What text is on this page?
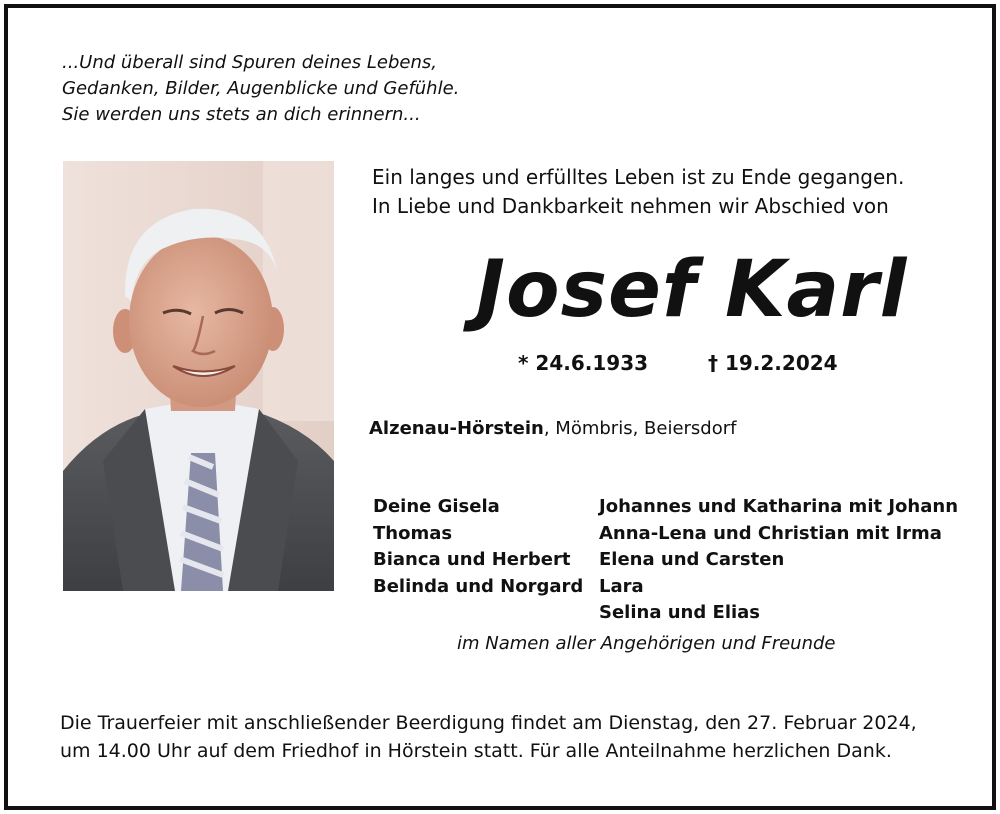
...Und überall sind Spuren deines Lebens,
Gedanken, Bilder, Augenblicke und Gefühle.
Sie werden uns stets an dich erinnern...
Ein langes und erfülltes Leben ist zu Ende gegangen.
In Liebe und Dankbarkeit nehmen wir Abschied von
Josef Karl
* 24.6.1933	† 19.2.2024
Alzenau-Hörstein, Mömbris, Beiersdorf
Deine Gisela
Thomas
Bianca und Herbert
Belinda und Norgard
Johannes und Katharina mit Johann
Anna-Lena und Christian mit Irma
Elena und Carsten
Lara
Selina und Elias
im Namen aller Angehörigen und Freunde
Die Trauerfeier mit anschließender Beerdigung findet am Dienstag, den 27. Februar 2024,
um 14.00 Uhr auf dem Friedhof in Hörstein statt. Für alle Anteilnahme herzlichen Dank.
